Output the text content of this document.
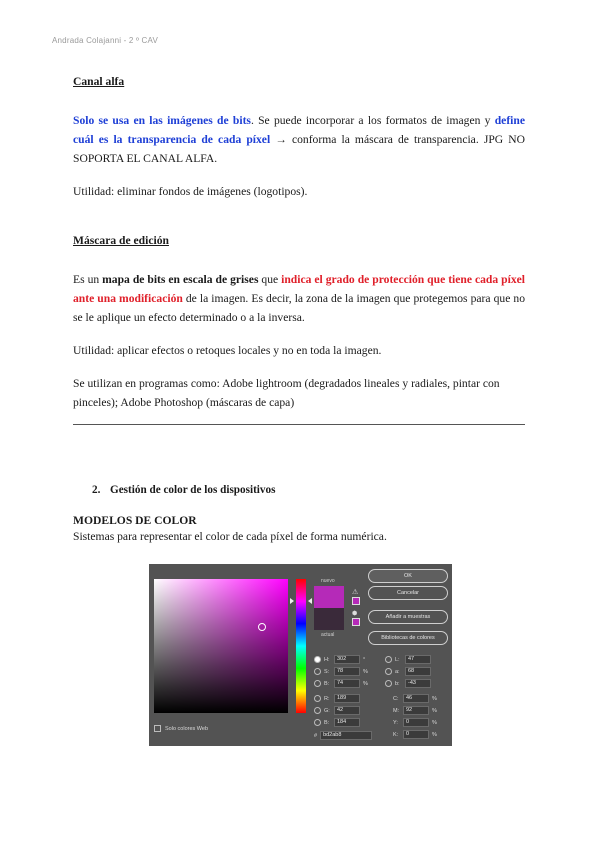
Andrada Colajanni - 2 º CAV
Canal alfa
Solo se usa en las imágenes de bits. Se puede incorporar a los formatos de imagen y define cuál es la transparencia de cada píxel → conforma la máscara de transparencia. JPG NO SOPORTA EL CANAL ALFA.
Utilidad: eliminar fondos de imágenes (logotipos).
Máscara de edición
Es un mapa de bits en escala de grises que indica el grado de protección que tiene cada píxel ante una modificación de la imagen. Es decir, la zona de la imagen que protegemos para que no se le aplique un efecto determinado o a la inversa.
Utilidad: aplicar efectos o retoques locales y no en toda la imagen.
Se utilizan en programas como: Adobe lightroom (degradados lineales y radiales, pintar con pinceles); Adobe Photoshop (máscaras de capa)
2. Gestión de color de los dispositivos
MODELOS DE COLOR
Sistemas para representar el color de cada píxel de forma numérica.
nuevo
actual
⚠
⬢
OK
Cancelar
Añadir a muestras
Bibliotecas de colores
H: 302	°
S: 78	%
B: 74	%
R: 189
G: 42
B: 184
L: 47
a: 68
b: -43
C: 46	%
M: 92	%
Y: 0	%
K: 0	%
Solo colores Web
# bd2ab8
